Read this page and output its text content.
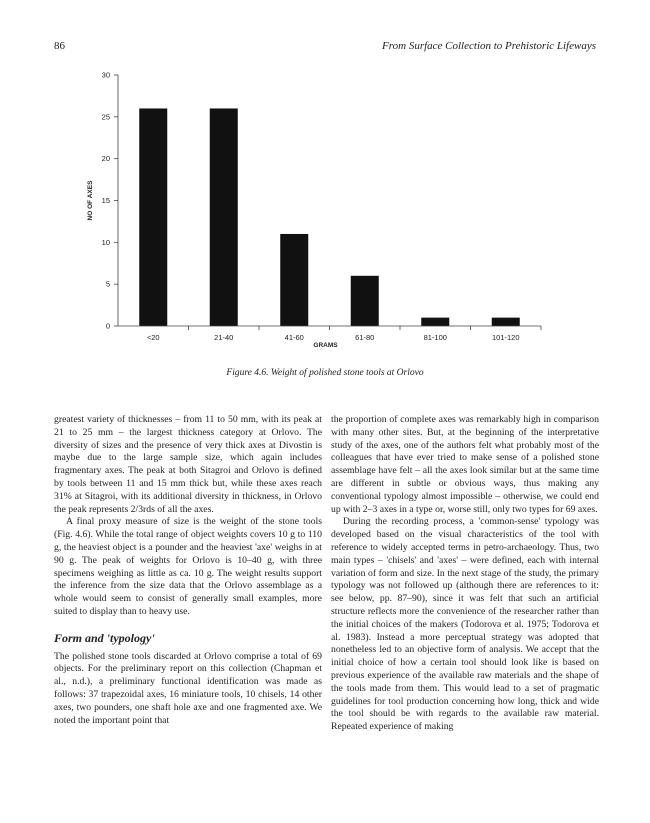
86	From Surface Collection to Prehistoric Lifeways
0
5
10
15
20
25
30
<20	21-40	41-60	61-80	81-100	101-120
NO OF AXES
GRAMS
Figure 4.6. Weight of polished stone tools at Orlovo

greatest variety of thicknesses – from 11 to 50 mm, with its peak at 21 to 25 mm – the largest thickness category at Orlovo. The diversity of sizes and the presence of very thick axes at Divostin is maybe due to the large sample size, which again includes fragmentary axes. The peak at both Sitagroi and Orlovo is defined by tools between 11 and 15 mm thick but, while these axes reach 31% at Sitagroi, with its additional diversity in thickness, in Orlovo the peak represents 2/3rds of all the axes.

A final proxy measure of size is the weight of the stone tools (Fig. 4.6). While the total range of object weights covers 10 g to 110 g, the heaviest object is a pounder and the heaviest 'axe' weighs in at 90 g. The peak of weights for Orlovo is 10–40 g, with three specimens weighing as little as ca. 10 g. The weight results support the inference from the size data that the Orlovo assemblage as a whole would seem to consist of generally small examples, more suited to display than to heavy use.

Form and 'typology'

The polished stone tools discarded at Orlovo comprise a total of 69 objects. For the preliminary report on this collection (Chapman et al., n.d.), a preliminary functional identification was made as follows: 37 trapezoidal axes, 16 miniature tools, 10 chisels, 14 other axes, two pounders, one shaft hole axe and one fragmented axe. We noted the important point that

the proportion of complete axes was remarkably high in comparison with many other sites. But, at the beginning of the interpretative study of the axes, one of the authors felt what probably most of the colleagues that have ever tried to make sense of a polished stone assemblage have felt – all the axes look similar but at the same time are different in subtle or obvious ways, thus making any conventional typology almost impossible – otherwise, we could end up with 2–3 axes in a type or, worse still, only two types for 69 axes.

During the recording process, a 'common-sense' typology was developed based on the visual characteristics of the tool with reference to widely accepted terms in petro-archaeology. Thus, two main types – 'chisels' and 'axes' – were defined, each with internal variation of form and size. In the next stage of the study, the primary typology was not followed up (although there are references to it: see below, pp. 87–90), since it was felt that such an artificial structure reflects more the convenience of the researcher rather than the initial choices of the makers (Todorova et al. 1975; Todorova et al. 1983). Instead a more perceptual strategy was adopted that nonetheless led to an objective form of analysis. We accept that the initial choice of how a certain tool should look like is based on previous experience of the available raw materials and the shape of the tools made from them. This would lead to a set of pragmatic guidelines for tool production concerning how long, thick and wide the tool should be with regards to the available raw material. Repeated experience of making
